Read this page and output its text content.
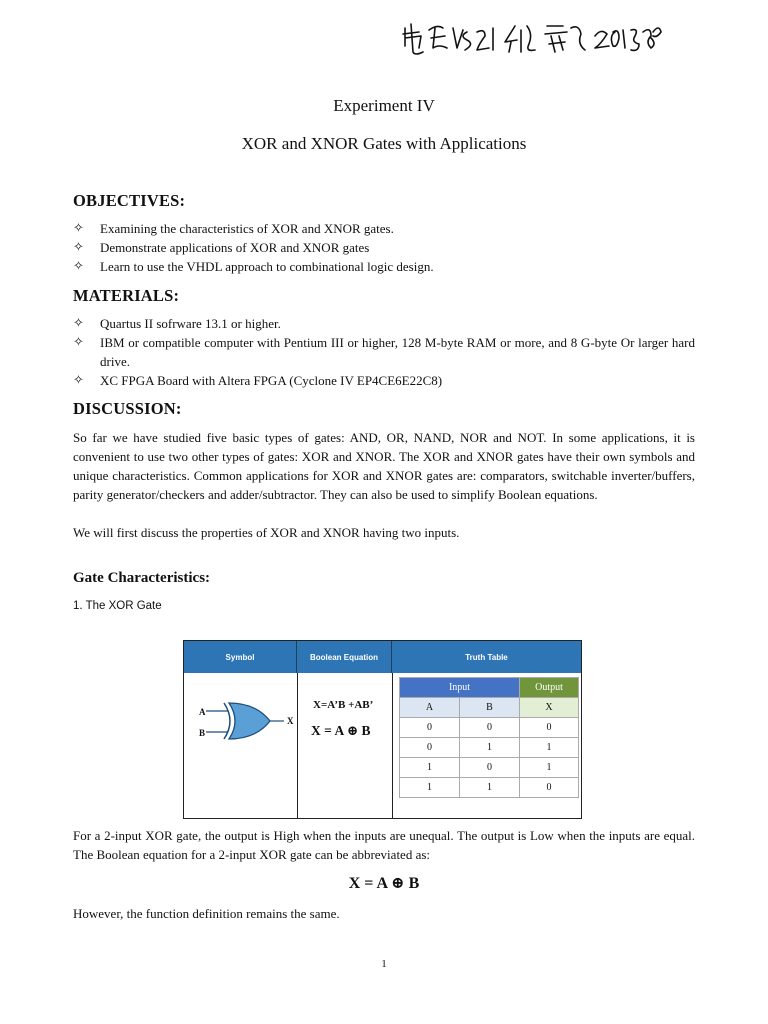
Experiment IV
XOR and XNOR Gates with Applications
OBJECTIVES:
✧ Examining the characteristics of XOR and XNOR gates.
✧ Demonstrate applications of XOR and XNOR gates
✧ Learn to use the VHDL approach to combinational logic design.
MATERIALS:
✧ Quartus II sofrware 13.1 or higher.
✧ IBM or compatible computer with Pentium III or higher, 128 M-byte RAM or more, and 8 G-byte Or larger hard drive.
✧ XC FPGA Board with Altera FPGA (Cyclone IV EP4CE6E22C8)
DISCUSSION:

So far we have studied five basic types of gates: AND, OR, NAND, NOR and NOT. In some applications, it is convenient to use two other types of gates: XOR and XNOR. The XOR and XNOR gates have their own symbols and unique characteristics. Common applications for XOR and XNOR gates are: comparators, switchable inverter/buffers, parity generator/checkers and adder/subtractor. They can also be used to simplify Boolean equations.

We will first discuss the properties of XOR and XNOR having two inputs.

Gate Characteristics:
1. The XOR Gate
Symbol	Boolean Equation	Truth Table
A
B
X
X=A’B +AB’
X = A ⊕ B
Input		Output
A	B	X
0	0	0
0	1	1
1	0	1
1	1	0

For a 2-input XOR gate, the output is High when the inputs are unequal. The output is Low when the inputs are equal. The Boolean equation for a 2-input XOR gate can be abbreviated as:

X = A ⊕ B

However, the function definition remains the same.

1
